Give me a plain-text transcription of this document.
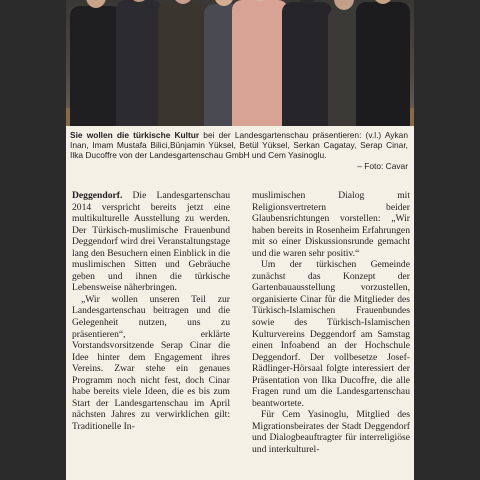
Sie wollen die türkische Kultur bei der Landesgartenschau präsentieren: (v.l.) Aykan Inan, Imam Mustafa Bilici,Bünjamin Yüksel, Betül Yüksel, Serkan Cagatay, Serap Cinar, Ilka Ducoffre von der Landesgartenschau GmbH und Cem Yasinoglu.
– Foto: Cavar

Deggendorf. Die Landesgartenschau 2014 verspricht bereits jetzt eine multikulturelle Ausstellung zu werden. Der Türkisch-muslimische Frauenbund Deggendorf wird drei Veranstaltungstage lang den Besuchern einen Einblick in die muslimischen Sitten und Gebräuche geben und ihnen die türkische Lebensweise näherbringen.

„Wir wollen unseren Teil zur Landesgartenschau beitragen und die Gelegenheit nutzen, uns zu präsentieren“, erklärte Vorstandsvorsitzende Serap Cinar die Idee hinter dem Engagement ihres Vereins. Zwar stehe ein genaues Programm noch nicht fest, doch Cinar habe bereits viele Ideen, die es bis zum Start der Landesgartenschau im April nächsten Jahres zu verwirklichen gilt: Traditionelle In-

muslimischen Dialog mit Religionsvertretern beider Glaubensrichtungen vorstellen: „Wir haben bereits in Rosenheim Erfahrungen mit so einer Diskussionsrunde gemacht und die waren sehr positiv.“

Um der türkischen Gemeinde zunächst das Konzept der Gartenbauausstellung vorzustellen, organisierte Cinar für die Mitglieder des Türkisch-Islamischen Frauenbundes sowie des Türkisch-Islamischen Kulturvereins Deggendorf am Samstag einen Infoabend an der Hochschule Deggendorf. Der vollbesetze Josef-Rädlinger-Hörsaal folgte interessiert der Präsentation von Ilka Ducoffre, die alle Fragen rund um die Landesgartenschau beantwortete.

Für Cem Yasinoglu, Mitglied des Migrationsbeirates der Stadt Deggendorf und Dialogbeauftragter für interreligiöse und interkulturel-
